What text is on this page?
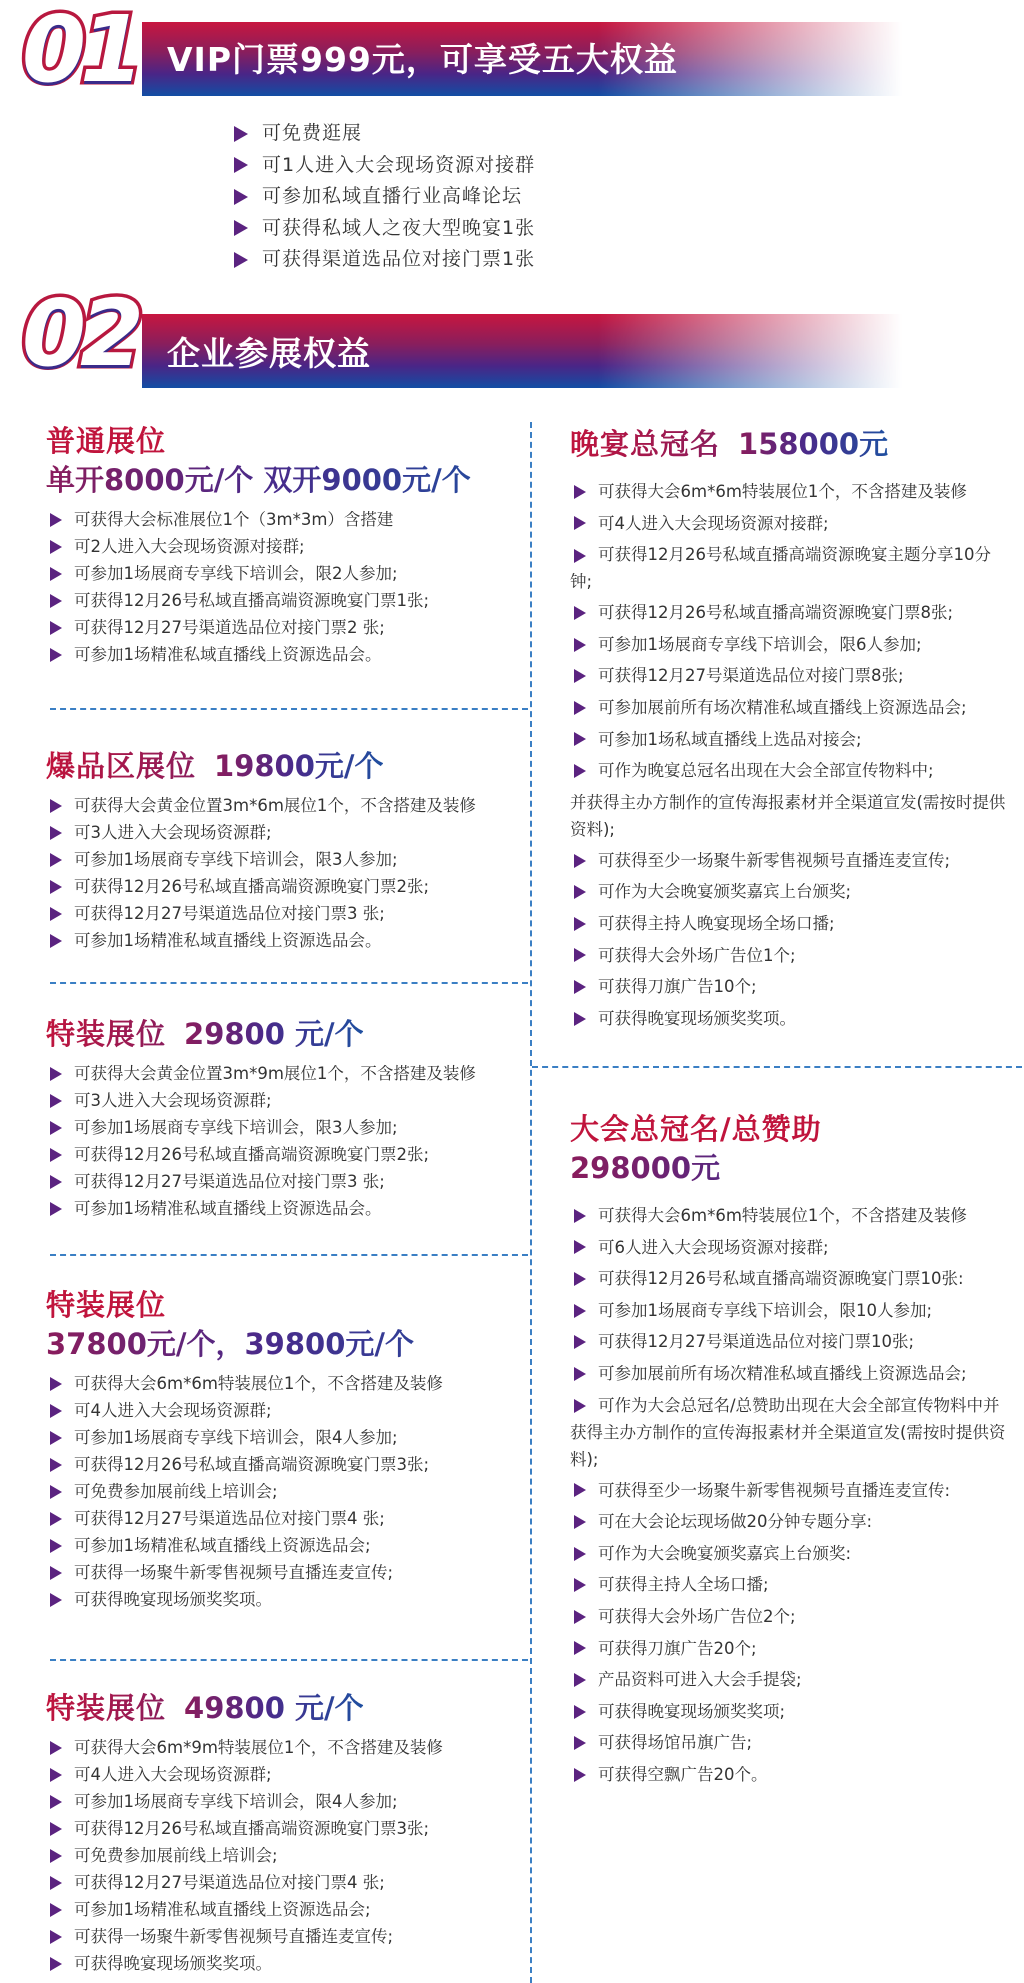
01 VIP门票999元，可享受五大权益
可免费逛展
可1人进入大会现场资源对接群
可参加私域直播行业高峰论坛
可获得私域人之夜大型晚宴1张
可获得渠道选品位对接门票1张
02 企业参展权益
普通展位
单开8000元/个 双开9000元/个
可获得大会标准展位1个（3m*3m）含搭建
可2人进入大会现场资源对接群;
可参加1场展商专享线下培训会，限2人参加;
可获得12月26号私域直播高端资源晚宴门票1张;
可获得12月27号渠道选品位对接门票2 张;
可参加1场精准私域直播线上资源选品会。
爆品区展位 19800元/个
可获得大会黄金位置3m*6m展位1个，不含搭建及装修
可3人进入大会现场资源群;
可参加1场展商专享线下培训会，限3人参加;
可获得12月26号私域直播高端资源晚宴门票2张;
可获得12月27号渠道选品位对接门票3 张;
可参加1场精准私域直播线上资源选品会。
特装展位 29800 元/个
可获得大会黄金位置3m*9m展位1个，不含搭建及装修
可3人进入大会现场资源群;
可参加1场展商专享线下培训会，限3人参加;
可获得12月26号私域直播高端资源晚宴门票2张;
可获得12月27号渠道选品位对接门票3 张;
可参加1场精准私域直播线上资源选品会。
特装展位
37800元/个，39800元/个
可获得大会6m*6m特装展位1个，不含搭建及装修
可4人进入大会现场资源群;
可参加1场展商专享线下培训会，限4人参加;
可获得12月26号私域直播高端资源晚宴门票3张;
可免费参加展前线上培训会;
可获得12月27号渠道选品位对接门票4 张;
可参加1场精准私域直播线上资源选品会;
可获得一场聚牛新零售视频号直播连麦宣传;
可获得晚宴现场颁奖奖项。
特装展位 49800 元/个
可获得大会6m*9m特装展位1个，不含搭建及装修
可4人进入大会现场资源群;
可参加1场展商专享线下培训会，限4人参加;
可获得12月26号私域直播高端资源晚宴门票3张;
可免费参加展前线上培训会;
可获得12月27号渠道选品位对接门票4 张;
可参加1场精准私域直播线上资源选品会;
可获得一场聚牛新零售视频号直播连麦宣传;
可获得晚宴现场颁奖奖项。
晚宴总冠名 158000元
可获得大会6m*6m特装展位1个，不含搭建及装修
可4人进入大会现场资源对接群;
可获得12月26号私域直播高端资源晚宴主题分享10分钟;
可获得12月26号私域直播高端资源晚宴门票8张;
可参加1场展商专享线下培训会，限6人参加;
可获得12月27号渠道选品位对接门票8张;
可参加展前所有场次精准私域直播线上资源选品会;
可参加1场私域直播线上选品对接会;
可作为晚宴总冠名出现在大会全部宣传物料中;
并获得主办方制作的宣传海报素材并全渠道宣发(需按时提供资料);
可获得至少一场聚牛新零售视频号直播连麦宣传;
可作为大会晚宴颁奖嘉宾上台颁奖;
可获得主持人晚宴现场全场口播;
可获得大会外场广告位1个;
可获得刀旗广告10个;
可获得晚宴现场颁奖奖项。
大会总冠名/总赞助
298000元
可获得大会6m*6m特装展位1个，不含搭建及装修
可6人进入大会现场资源对接群;
可获得12月26号私域直播高端资源晚宴门票10张:
可参加1场展商专享线下培训会，限10人参加;
可获得12月27号渠道选品位对接门票10张;
可参加展前所有场次精准私域直播线上资源选品会;
可作为大会总冠名/总赞助出现在大会全部宣传物料中并获得主办方制作的宣传海报素材并全渠道宣发(需按时提供资料);
可获得至少一场聚牛新零售视频号直播连麦宣传:
可在大会论坛现场做20分钟专题分享:
可作为大会晚宴颁奖嘉宾上台颁奖:
可获得主持人全场口播;
可获得大会外场广告位2个;
可获得刀旗广告20个;
产品资料可进入大会手提袋;
可获得晚宴现场颁奖奖项;
可获得场馆吊旗广告;
可获得空飘广告20个。
